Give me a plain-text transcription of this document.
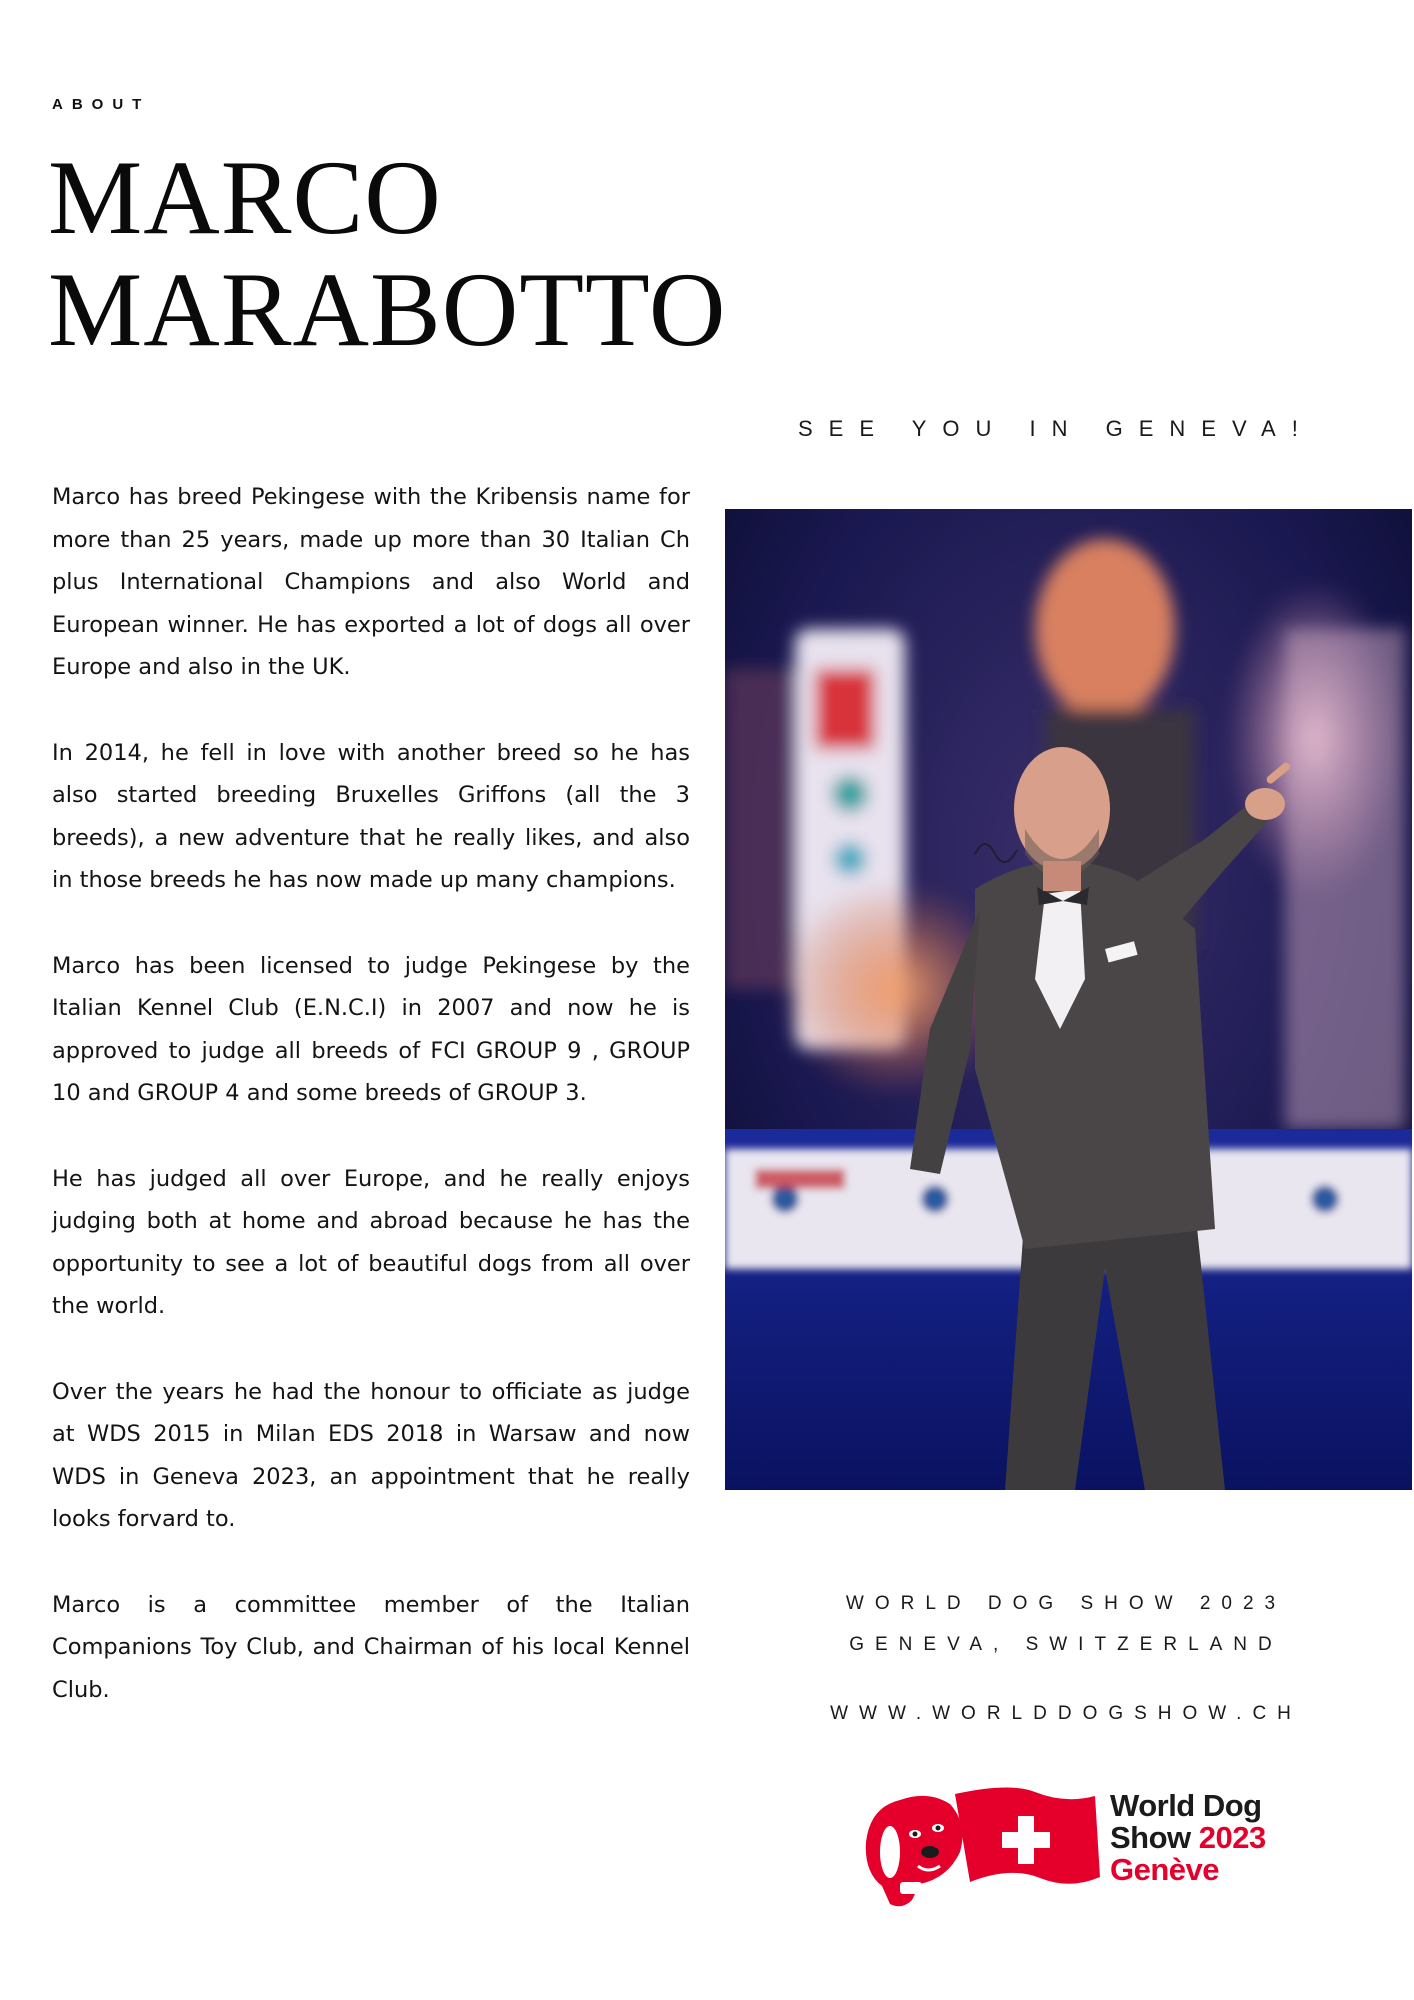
ABOUT
MARCO
MARABOTTO
SEE YOU IN GENEVA!

Marco has breed Pekingese with the Kribensis name for more than 25 years, made up more than 30 Italian Ch plus International Champions and also World and European winner. He has exported a lot of dogs all over Europe and also in the UK.

In 2014, he fell in love with another breed so he has also started breeding Bruxelles Griffons (all the 3 breeds), a new adventure that he really likes, and also in those breeds he has now made up many champions.

Marco has been licensed to judge Pekingese by the Italian Kennel Club (E.N.C.I) in 2007 and now he is approved to judge all breeds of FCI GROUP 9 , GROUP 10 and GROUP 4 and some breeds of GROUP 3.

He has judged all over Europe, and he really enjoys judging both at home and abroad because he has the opportunity to see a lot of beautiful dogs from all over the world.

Over the years he had the honour to officiate as judge at WDS 2015 in Milan EDS 2018 in Warsaw and now WDS in Geneva 2023, an appointment that he really looks forvard to.

Marco is a committee member of the Italian Companions Toy Club, and Chairman of his local Kennel Club.

WORLD DOG SHOW 2023
GENEVA, SWITZERLAND
WWW.WORLDDOGSHOW.CH
World Dog
Show 2023
Genève
